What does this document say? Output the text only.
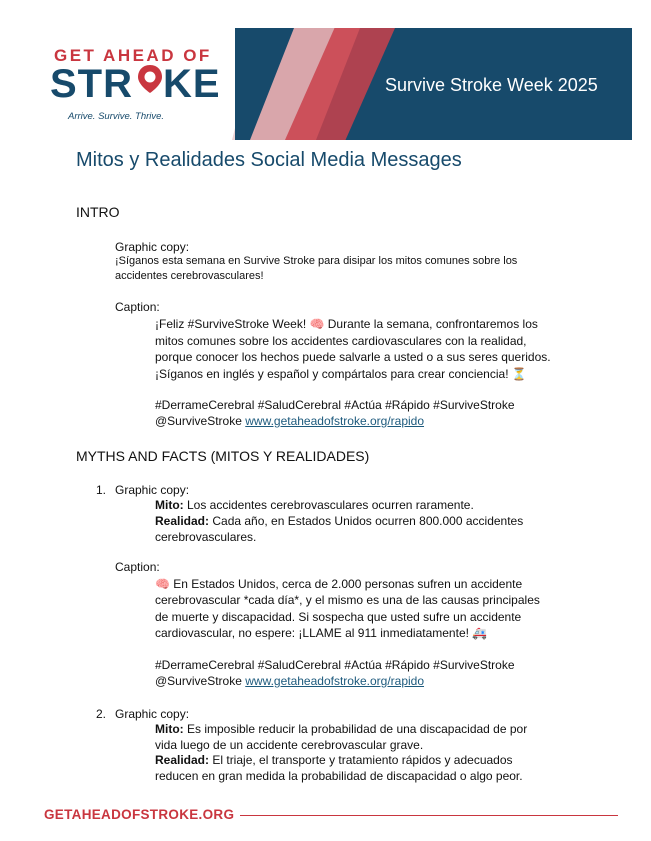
Survive Stroke Week 2025
GET AHEAD OF
STR KE
Arrive. Survive. Thrive.
Mitos y Realidades Social Media Messages
INTRO
Graphic copy:
¡Síganos esta semana en Survive Stroke para disipar los mitos comunes sobre los
accidentes cerebrovasculares!
Caption:
¡Feliz #SurviveStroke Week! 🧠 Durante la semana, confrontaremos los
mitos comunes sobre los accidentes cardiovasculares con la realidad,
porque conocer los hechos puede salvarle a usted o a sus seres queridos.
¡Síganos en inglés y español y compártalos para crear conciencia! ⏳
#DerrameCerebral #SaludCerebral #Actúa #Rápido #SurviveStroke
@SurviveStroke www.getaheadofstroke.org/rapido
MYTHS AND FACTS (MITOS Y REALIDADES)
1. Graphic copy:
Mito: Los accidentes cerebrovasculares ocurren raramente.
Realidad: Cada año, en Estados Unidos ocurren 800.000 accidentes
cerebrovasculares.
Caption:
🧠 En Estados Unidos, cerca de 2.000 personas sufren un accidente
cerebrovascular *cada día*, y el mismo es una de las causas principales
de muerte y discapacidad. Si sospecha que usted sufre un accidente
cardiovascular, no espere: ¡LLAME al 911 inmediatamente! 🚑
#DerrameCerebral #SaludCerebral #Actúa #Rápido #SurviveStroke
@SurviveStroke www.getaheadofstroke.org/rapido
2. Graphic copy:
Mito: Es imposible reducir la probabilidad de una discapacidad de por
vida luego de un accidente cerebrovascular grave.
Realidad: El triaje, el transporte y tratamiento rápidos y adecuados
reducen en gran medida la probabilidad de discapacidad o algo peor.
GETAHEADOFSTROKE.ORG
